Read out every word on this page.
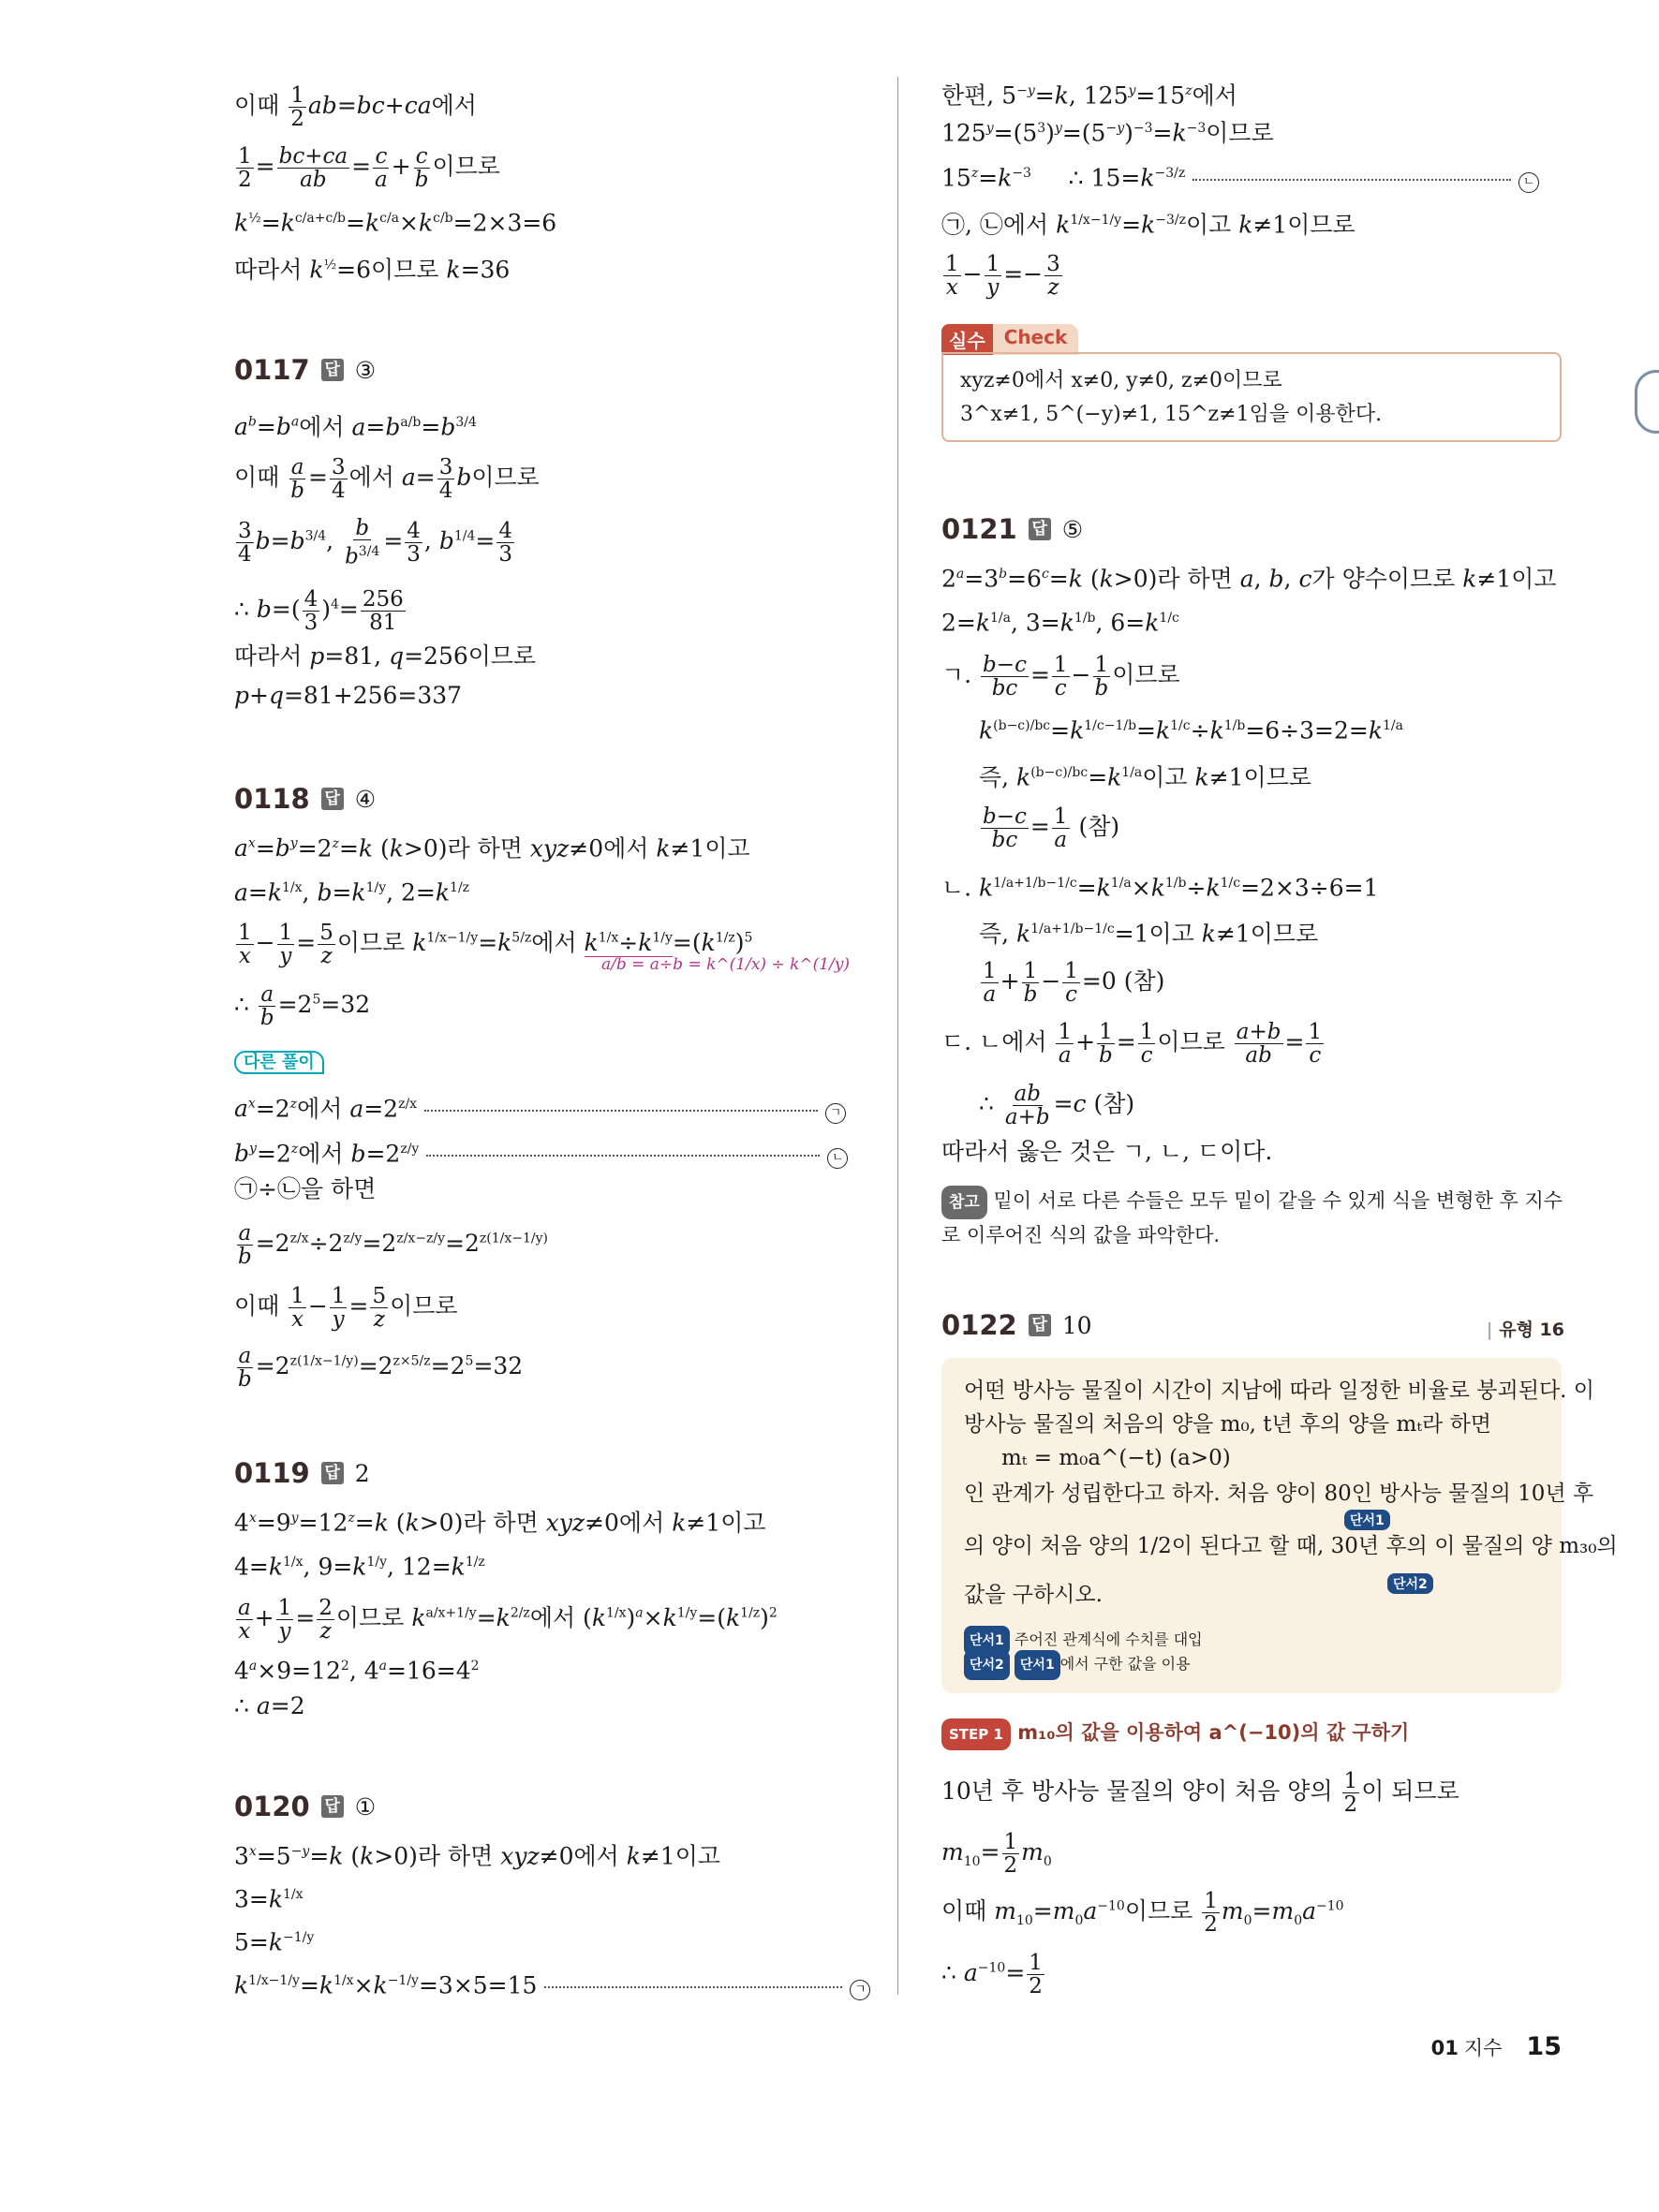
이때 $\frac{1}{2} ab=bc+ca$에서
$\frac{1}{2} = \frac{bc+ca}{ab} = \frac{c}{a} + \frac{c}{b}$ 이므로
$k^{\frac{1}{2}}=k^{c/a+c/b}=k^{c/a}\times k^{c/b}=2\times 3=6$
따라서 $k^{\frac{1}{2}}=6$이므로 k=36
0117 답 ③
$a^b=b^a$에서 $a=b^{a/b}=b^{3/4}$
이때 $\frac{a}{b} = \frac{3}{4}$ 에서 $a= \frac{3}{4}$ b이므로
$\frac{3}{4} b=b^{3/4}$, $\frac{b}{b^{3/4}} = \frac{4}{3}$ , $b^{1/4}= \frac{4}{3}$
∴ $b=( \frac{4}{3} )^4= \frac{256}{81}$
따라서 p=81, q=256이므로
p+q=81+256=337
0118 답 ④
$a^x=b^y=2^z=k$ (k>0)라 하면 xyz≠0에서 k≠1이고
$a=k^{1/x}$, $b=k^{1/y}$, $2=k^{1/z}$
$\frac{1}{x} - \frac{1}{y} = \frac{5}{z}$ 이므로 $k^{1/x-1/y}=k^{5/z}$에서 $k^{1/x}\div k^{1/y}=(k^{1/z})^5$
a/b = a÷b = k^(1/x) ÷ k^(1/y)
∴ $\frac{a}{b} =2^5=32$
다른 풀이
$a^x=2^z$에서 $a=2^{z/x}$  ㄱ
$b^y=2^z$에서 $b=2^{z/y}$  ㄴ
㉠÷㉡을 하면
$\frac{a}{b} =2^{z/x}\div 2^{z/y}=2^{z/x-z/y}=2^{z(1/x-1/y)}$
이때 $\frac{1}{x} - \frac{1}{y} = \frac{5}{z}$ 이므로
$\frac{a}{b} =2^{z(1/x-1/y)}=2^{z\times 5/z}=2^5=32$
0119 답 2
$4^x=9^y=12^z=k$ (k>0)라 하면 xyz≠0에서 k≠1이고
$4=k^{1/x}$, $9=k^{1/y}$, $12=k^{1/z}$
$\frac{a}{x} + \frac{1}{y} = \frac{2}{z}$ 이므로 $k^{a/x+1/y}=k^{2/z}$에서 $(k^{1/x})^a\times k^{1/y}=(k^{1/z})^2$
$4^a\times 9=12^2$, $4^a=16=4^2$
∴ a=2
0120 답 ①
$3^x=5^{-y}=k$ (k>0)라 하면 xyz≠0에서 k≠1이고
$3=k^{1/x}$
$5=k^{-1/y}$
$k^{1/x-1/y}=k^{1/x}\times k^{-1/y}=3\times 5=15$	ㄱ
한편, $5^{-y}=k$, $125^y=15^z$에서
$125^y=(5^3)^y=(5^{-y})^{-3}=k^{-3}$이므로
$15^z=k^{-3}$     ∴ $15=k^{-3/z}$  ㄴ
㉠, ㉡에서 $k^{1/x-1/y}=k^{-3/z}$이고 k≠1이므로
$\frac{1}{x} - \frac{1}{y} =- \frac{3}{z}$
실수	Check
xyz≠0에서 x≠0, y≠0, z≠0이므로
3^x≠1, 5^(−y)≠1, 15^z≠1임을 이용한다.
0121 답 ⑤
$2^a=3^b=6^c=k$ (k>0)라 하면 a, b, c가 양수이므로 k≠1이고
$2=k^{1/a}$, $3=k^{1/b}$, $6=k^{1/c}$
ㄱ. $\frac{b-c}{bc} = \frac{1}{c} - \frac{1}{b}$ 이므로
$k^{(b-c)/bc}=k^{1/c-1/b}=k^{1/c}\div k^{1/b}=6\div 3=2=k^{1/a}$
즉, $k^{(b-c)/bc}=k^{1/a}$이고 k≠1이므로
$\frac{b-c}{bc} = \frac{1}{a}$ (참)
ㄴ. $k^{1/a+1/b-1/c}=k^{1/a}\times k^{1/b}\div k^{1/c}=2\times 3\div 6=1$
즉, $k^{1/a+1/b-1/c}=1$이고 k≠1이므로
$\frac{1}{a} + \frac{1}{b} - \frac{1}{c} =0$ (참)
ㄷ. ㄴ에서 $\frac{1}{a} + \frac{1}{b} = \frac{1}{c}$ 이므로 $\frac{a+b}{ab} = \frac{1}{c}$
∴ $\frac{ab}{a+b} =c$ (참)
따라서 옳은 것은 ㄱ, ㄴ, ㄷ이다.
참고 밑이 서로 다른 수들은 모두 밑이 같을 수 있게 식을 변형한 후 지수로 이루어진 식의 값을 파악한다.
0122 답 10	| 유형 16
어떤 방사능 물질이 시간이 지남에 따라 일정한 비율로 붕괴된다. 이
방사능 물질의 처음의 양을 m₀, t년 후의 양을 mₜ라 하면
mₜ = m₀a^(−t) (a>0)
인 관계가 성립한다고 하자. 처음 양이 80인 방사능 물질의 10년 후
단서1
의 양이 처음 양의 1/2이 된다고 할 때, 30년 후의 이 물질의 양 m₃₀의
단서2
값을 구하시오.
단서1 주어진 관계식에 수치를 대입
단서2 단서1 에서 구한 값을 이용
STEP 1 m₁₀의 값을 이용하여 a^(−10)의 값 구하기
10년 후 방사능 물질의 양이 처음 양의 $\frac{1}{2}$ 이 되므로
$m_{10}= \frac{1}{2} m_0$
이때 $m_{10}=m_0a^{-10}$이므로 $\frac{1}{2} m_0=m_0a^{-10}$
∴ $a^{-10}= \frac{1}{2}$
01 지수 15
